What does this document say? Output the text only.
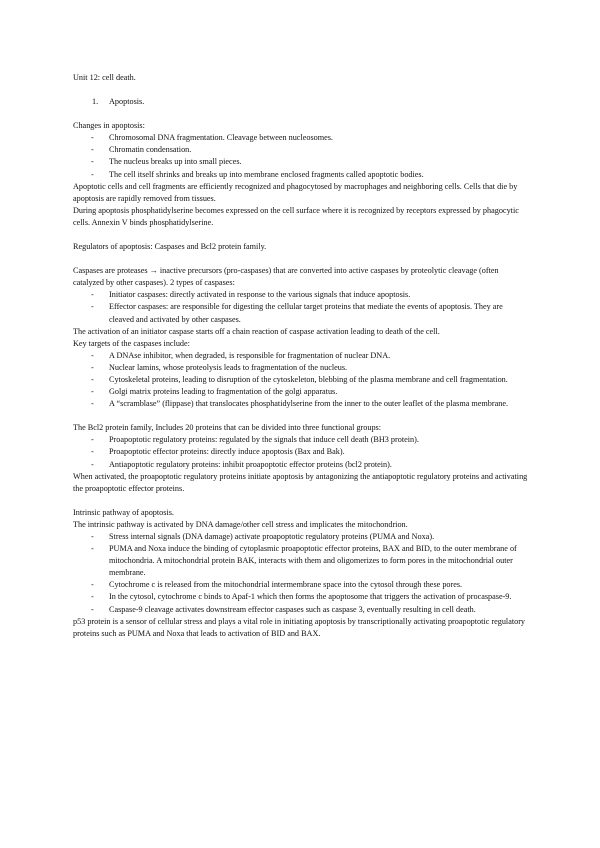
Unit 12: cell death.

1.	Apoptosis.

Changes in apoptosis:

-	Chromosomal DNA fragmentation. Cleavage between nucleosomes.
-	Chromatin condensation.
-	The nucleus breaks up into small pieces.
-	The cell itself shrinks and breaks up into membrane enclosed fragments called apoptotic bodies.

Apoptotic cells and cell fragments are efficiently recognized and phagocytosed by macrophages and neighboring cells. Cells that die by apoptosis are rapidly removed from tissues.

During apoptosis phosphatidylserine becomes expressed on the cell surface where it is recognized by receptors expressed by phagocytic cells. Annexin V binds phosphatidylserine.

Regulators of apoptosis: Caspases and Bcl2 protein family.

Caspases are proteases → inactive precursors (pro-caspases) that are converted into active caspases by proteolytic cleavage (often catalyzed by other caspases). 2 types of caspases:

-	Initiator caspases: directly activated in response to the various signals that induce apoptosis.
-	Effector caspases: are responsible for digesting the cellular target proteins that mediate the events of apoptosis. They are cleaved and activated by other caspases.

The activation of an initiator caspase starts off a chain reaction of caspase activation leading to death of the cell.

Key targets of the caspases include:

-	A DNAse inhibitor, when degraded, is responsible for fragmentation of nuclear DNA.
-	Nuclear lamins, whose proteolysis leads to fragmentation of the nucleus.
-	Cytoskeletal proteins, leading to disruption of the cytoskeleton, blebbing of the plasma membrane and cell fragmentation.
-	Golgi matrix proteins leading to fragmentation of the golgi apparatus.
-	A “scramblase” (flippase) that translocates phosphatidylserine from the inner to the outer leaflet of the plasma membrane.

The Bcl2 protein family, Includes 20 proteins that can be divided into three functional groups:

-	Proapoptotic regulatory proteins: regulated by the signals that induce cell death (BH3 protein).
-	Proapoptotic effector proteins: directly induce apoptosis (Bax and Bak).
-	Antiapoptotic regulatory proteins: inhibit proapoptotic effector proteins (bcl2 protein).

When activated, the proapoptotic regulatory proteins initiate apoptosis by antagonizing the antiapoptotic regulatory proteins and activating the proapoptotic effector proteins.

Intrinsic pathway of apoptosis.

The intrinsic pathway is activated by DNA damage/other cell stress and implicates the mitochondrion.

-	Stress internal signals (DNA damage) activate proapoptotic regulatory proteins (PUMA and Noxa).
-	PUMA and Noxa induce the binding of cytoplasmic proapoptotic effector proteins, BAX and BID, to the outer membrane of mitochondria. A mitochondrial protein BAK, interacts with them and oligomerizes to form pores in the mitochondrial outer membrane.
-	Cytochrome c is released from the mitochondrial intermembrane space into the cytosol through these pores.
-	In the cytosol, cytochrome c binds to Apaf-1 which then forms the apoptosome that triggers the activation of procaspase-9.
-	Caspase-9 cleavage activates downstream effector caspases such as caspase 3, eventually resulting in cell death.

p53 protein is a sensor of cellular stress and plays a vital role in initiating apoptosis by transcriptionally activating proapoptotic regulatory proteins such as PUMA and Noxa that leads to activation of BID and BAX.
